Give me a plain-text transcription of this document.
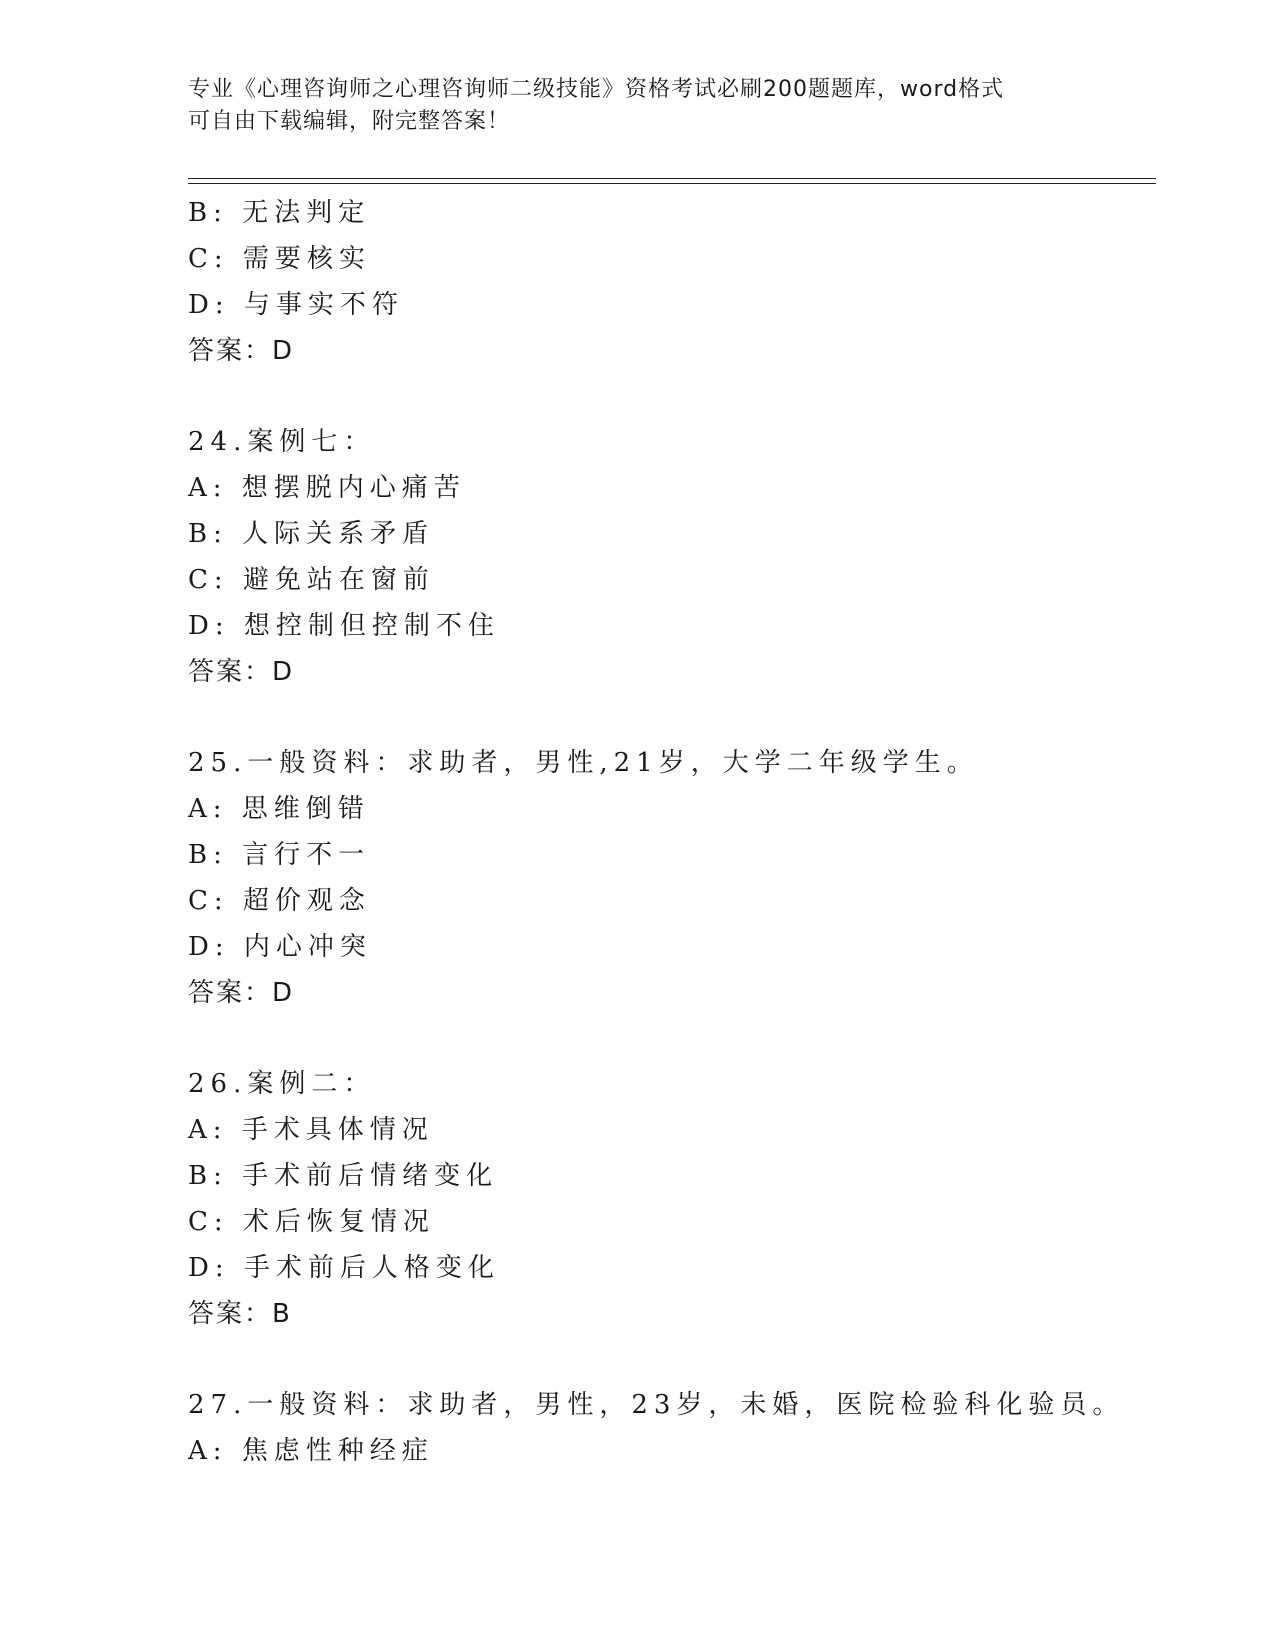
专业《心理咨询师之心理咨询师二级技能》资格考试必刷200题题库，word格式
可自由下载编辑，附完整答案！
B: 无法判定
C: 需要核实
D: 与事实不符
答案：D
24.案例七：
A: 想摆脱内心痛苦
B: 人际关系矛盾
C: 避免站在窗前
D: 想控制但控制不住
答案：D
25.一般资料：求助者，男性,21岁，大学二年级学生。
A: 思维倒错
B: 言行不一
C: 超价观念
D: 内心冲突
答案：D
26.案例二：
A: 手术具体情况
B: 手术前后情绪变化
C: 术后恢复情况
D: 手术前后人格变化
答案：B
27.一般资料：求助者，男性，23岁，未婚，医院检验科化验员。
A: 焦虑性种经症
